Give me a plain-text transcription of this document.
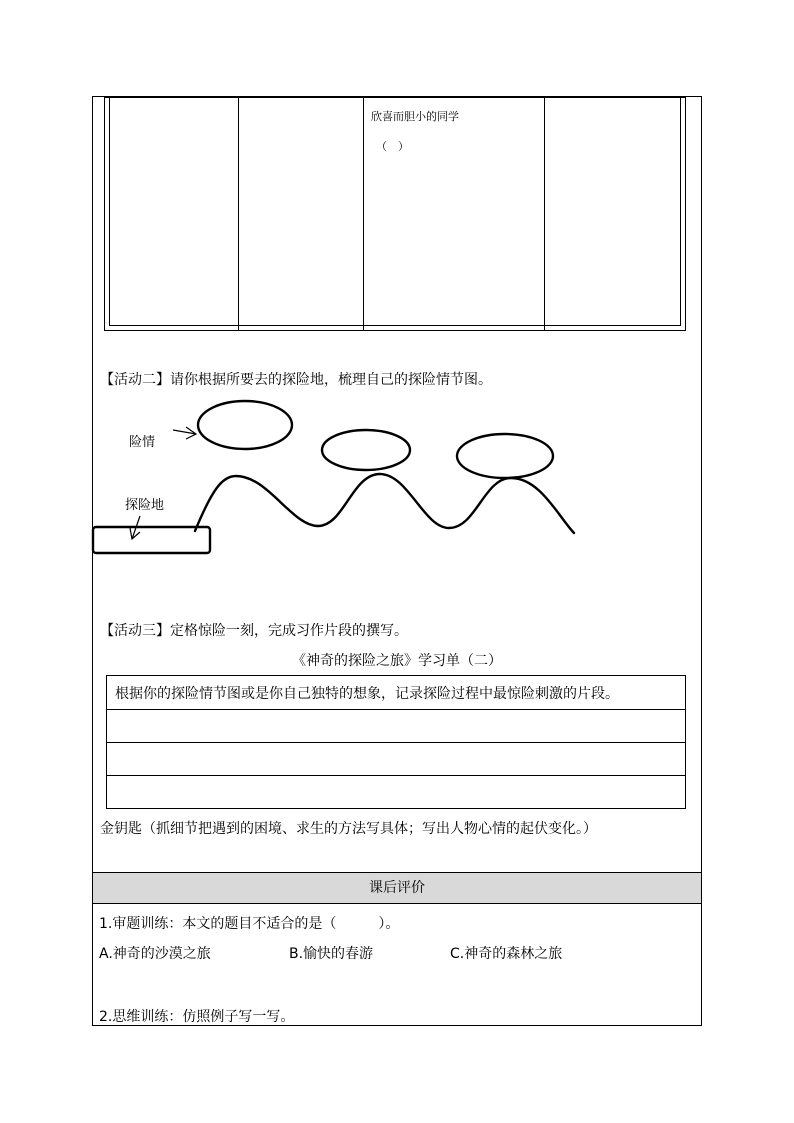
欣喜而胆小的同学
（　）
【活动二】请你根据所要去的探险地，梳理自己的探险情节图。
险情
探险地
【活动三】定格惊险一刻，完成习作片段的撰写。
《神奇的探险之旅》学习单（二）
根据你的探险情节图或是你自己独特的想象，记录探险过程中最惊险刺激的片段。
金钥匙（抓细节把遇到的困境、求生的方法写具体；写出人物心情的起伏变化。）
课后评价
1.审题训练：本文的题目不适合的是（　　　）。
A.神奇的沙漠之旅	B.愉快的春游	C.神奇的森林之旅
2.思维训练：仿照例子写一写。
